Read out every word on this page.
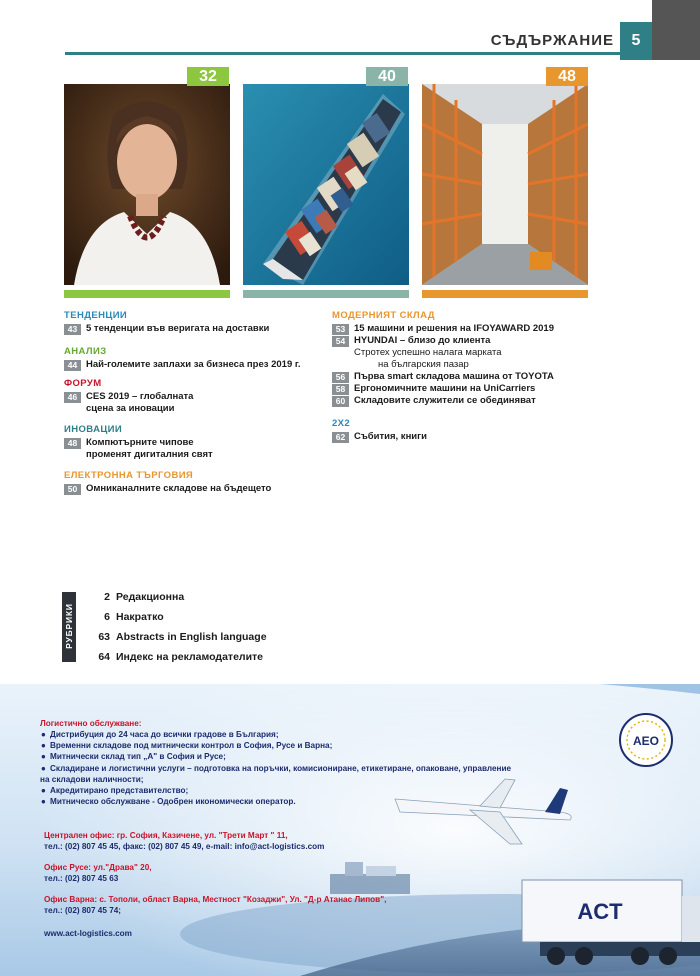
СЪДЪРЖАНИЕ	5
32	40	48
ТЕНДЕНЦИИ
43 5 тенденции във веригата на доставки
АНАЛИЗ
44 Най-големите заплахи за бизнеса през 2019 г.
ФОРУМ
46 CES 2019 – глобалната
сцена за иновации
ИНОВАЦИИ
48 Компютърните чипове
променят дигиталния свят
ЕЛЕКТРОННА ТЪРГОВИЯ
50 Омниканалните складове на бъдещето
МОДЕРНИЯТ СКЛАД
53 15 машини и решения на IFOYAWARD 2019
54 HYUNDAI – близо до клиента
Стротех успешно налага марката
на българския пазар
56 Първа smart складова машина от TOYOTA
58 Ергономичните машини на UniCarriers
60 Складовите служители се обединяват
2Х2
62 Събития, книги
РУБРИКИ
2 Редакционна
6 Накратко
63 Abstracts in English language
64 Индекс на рекламодателите
AEO
ACT
Логистично обслужване:
● Дистрибуция до 24 часа до всички градове в България;
● Временни складове под митнически контрол в София, Русе и Варна;
● Митнически склад тип „А" в София и Русе;
● Складиране и логистични услуги – подготовка на поръчки, комисиониране, етикетиране, опаковане, управление
на складови наличности;
● Акредитирано представителство;
● Митническо обслужване - Одобрен икономически оператор.
Централен офис: гр. София, Казичене, ул. "Трети Март " 11,
тел.: (02) 807 45 45, факс: (02) 807 45 49, e-mail: info@act-logistics.com
Офис Русе: ул."Драва" 20,
тел.: (02) 807 45 63
Офис Варна: с. Тополи, област Варна, Местност "Козаджи", Ул. "Д-р Атанас Липов",
тел.: (02) 807 45 74;
www.act-logistics.com
